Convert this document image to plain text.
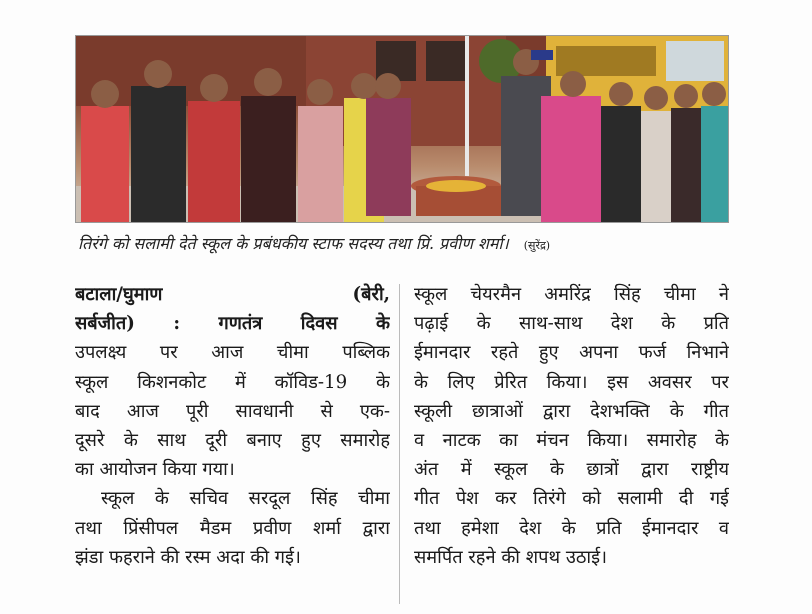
तिरंगे को सलामी देते स्कूल के प्रबंधकीय स्टाफ सदस्य तथा प्रिं. प्रवीण शर्मा। (सुरेंद्र)
बटाला/घुमाण (बेरी,
सर्बजीत) : गणतंत्र दिवस के
उपलक्ष्य पर आज चीमा पब्लिक
स्कूल किशनकोट में कॉविड-19 के
बाद आज पूरी सावधानी से एक-
दूसरे के साथ दूरी बनाए हुए समारोह
का आयोजन किया गया।
स्कूल के सचिव सरदूल सिंह चीमा
तथा प्रिंसीपल मैडम प्रवीण शर्मा द्वारा
झंडा फहराने की रस्म अदा की गई।
स्कूल चेयरमैन अमरिंद्र सिंह चीमा ने
पढ़ाई के साथ-साथ देश के प्रति
ईमानदार रहते हुए अपना फर्ज निभाने
के लिए प्रेरित किया। इस अवसर पर
स्कूली छात्राओं द्वारा देशभक्ति के गीत
व नाटक का मंचन किया। समारोह के
अंत में स्कूल के छात्रों द्वारा राष्ट्रीय
गीत पेश कर तिरंगे को सलामी दी गई
तथा हमेशा देश के प्रति ईमानदार व
समर्पित रहने की शपथ उठाई।
